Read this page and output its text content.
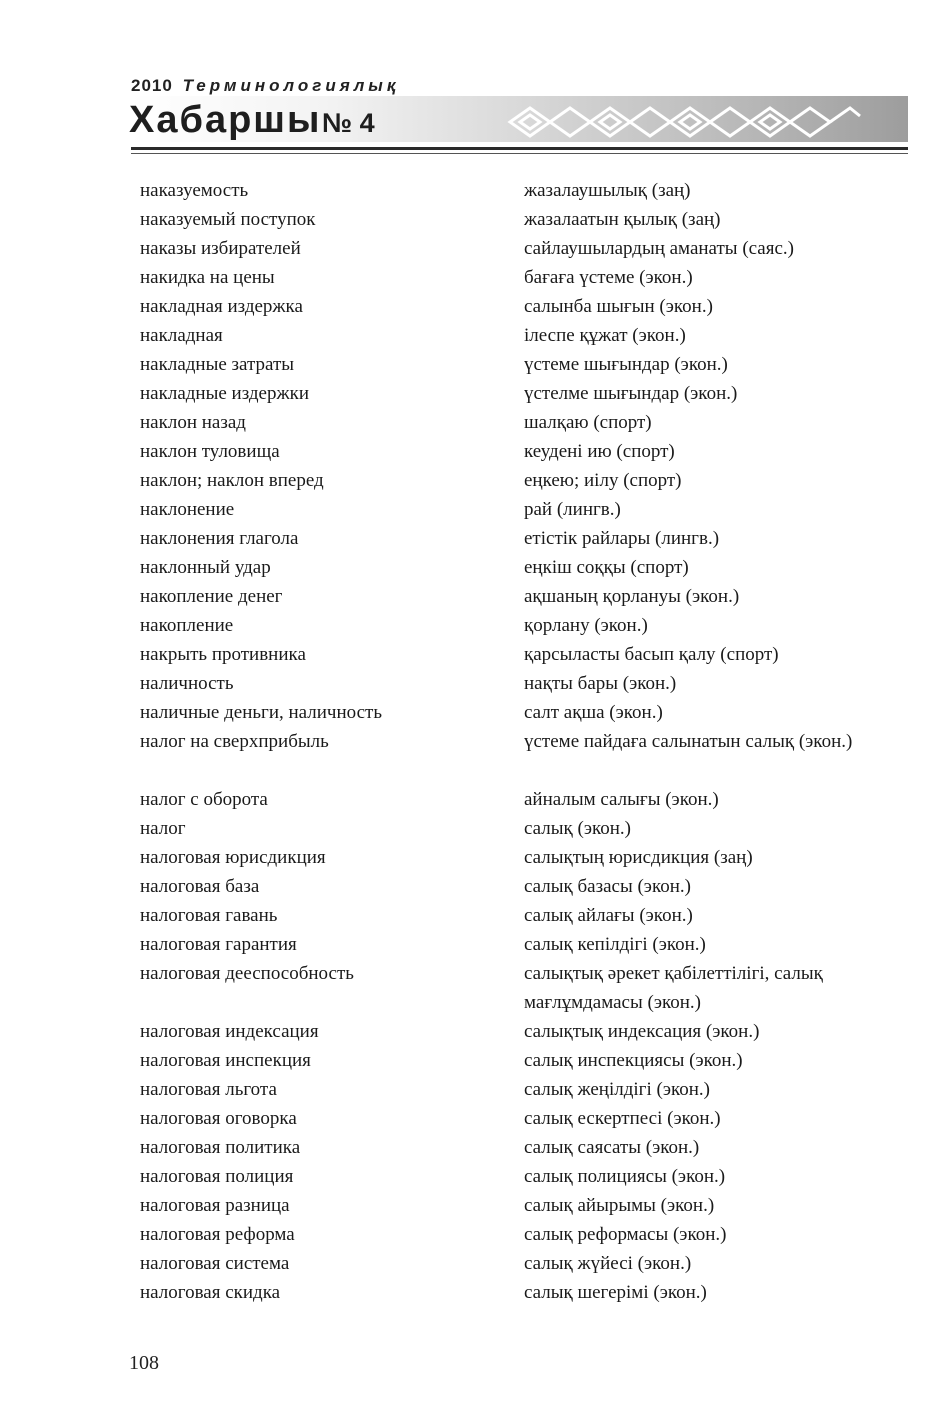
2010 Терминологиялық
Хабаршы № 4
наказуемость	жазалаушылық (заң)
наказуемый поступок	жазалаатын қылық (заң)
наказы избирателей	сайлаушылардың аманаты (саяс.)
накидка на цены	бағаға үстеме (экон.)
накладная издержка	салынба шығын (экон.)
накладная	ілеспе құжат (экон.)
накладные затраты	үстеме шығындар (экон.)
накладные издержки	үстелме шығындар (экон.)
наклон назад	шалқаю (спорт)
наклон туловища	кеудені ию (спорт)
наклон; наклон вперед	еңкею; иілу (спорт)
наклонение	рай (лингв.)
наклонения глагола	етістік райлары (лингв.)
наклонный удар	еңкіш соққы (спорт)
накопление денег	ақшаның қорлануы (экон.)
накопление	қорлану (экон.)
накрыть противника	қарсыласты басып қалу (спорт)
наличность	нақты бары (экон.)
наличные деньги, наличность	салт ақша (экон.)
налог на сверхприбыль	үстеме пайдаға салынатын салық (экон.)
налог с оборота	айналым салығы (экон.)
налог	салық (экон.)
налоговая юрисдикция	салықтың юрисдикция (заң)
налоговая база	салық базасы (экон.)
налоговая гавань	салық айлағы (экон.)
налоговая гарантия	салық кепілдігі (экон.)
налоговая дееспособность	салықтық әрекет қабілеттілігі, салық мағлұмдамасы (экон.)
налоговая индексация	салықтық индексация (экон.)
налоговая инспекция	салық инспекциясы (экон.)
налоговая льгота	салық жеңілдігі (экон.)
налоговая оговорка	салық ескертпесі (экон.)
налоговая политика	салық саясаты (экон.)
налоговая полиция	салық полициясы (экон.)
налоговая разница	салық айырымы (экон.)
налоговая реформа	салық реформасы (экон.)
налоговая система	салық жүйесі (экон.)
налоговая скидка	салық шегерімі (экон.)
108
